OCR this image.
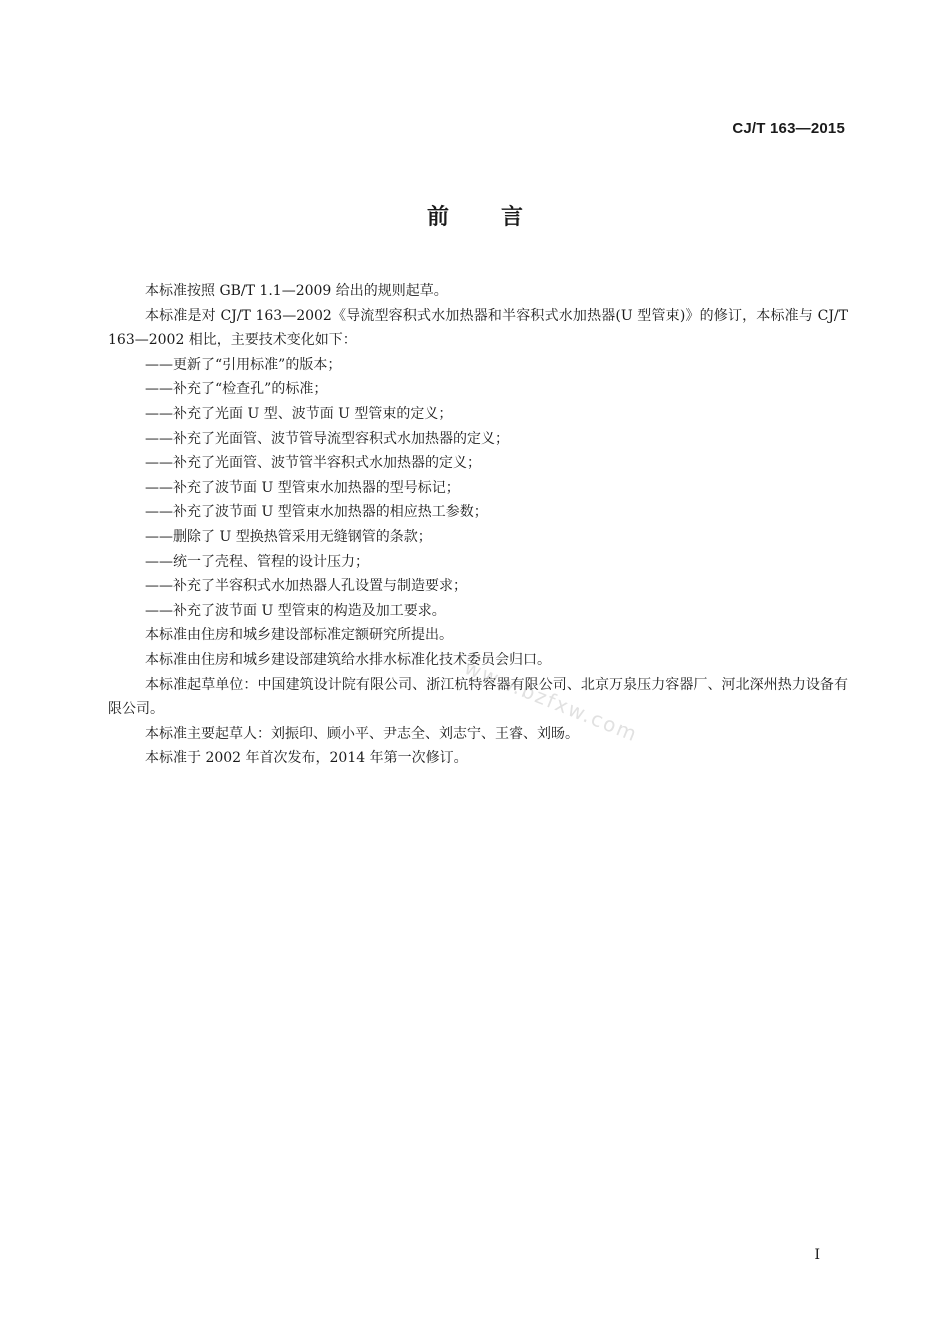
CJ/T 163—2015
前言

本标准按照 GB/T 1.1—2009 给出的规则起草。

本标准是对 CJ/T 163—2002《导流型容积式水加热器和半容积式水加热器(U 型管束)》的修订，本标准与 CJ/T 163—2002 相比，主要技术变化如下：

——更新了“引用标准”的版本；

——补充了“检查孔”的标准；

——补充了光面 U 型、波节面 U 型管束的定义；

——补充了光面管、波节管导流型容积式水加热器的定义；

——补充了光面管、波节管半容积式水加热器的定义；

——补充了波节面 U 型管束水加热器的型号标记；

——补充了波节面 U 型管束水加热器的相应热工参数；

——删除了 U 型换热管采用无缝钢管的条款；

——统一了壳程、管程的设计压力；

——补充了半容积式水加热器人孔设置与制造要求；

——补充了波节面 U 型管束的构造及加工要求。

本标准由住房和城乡建设部标准定额研究所提出。

本标准由住房和城乡建设部建筑给水排水标准化技术委员会归口。

本标准起草单位：中国建筑设计院有限公司、浙江杭特容器有限公司、北京万泉压力容器厂、河北深州热力设备有限公司。

本标准主要起草人：刘振印、顾小平、尹志全、刘志宁、王睿、刘旸。

本标准于 2002 年首次发布，2014 年第一次修订。

www.bzfxw.com
I
